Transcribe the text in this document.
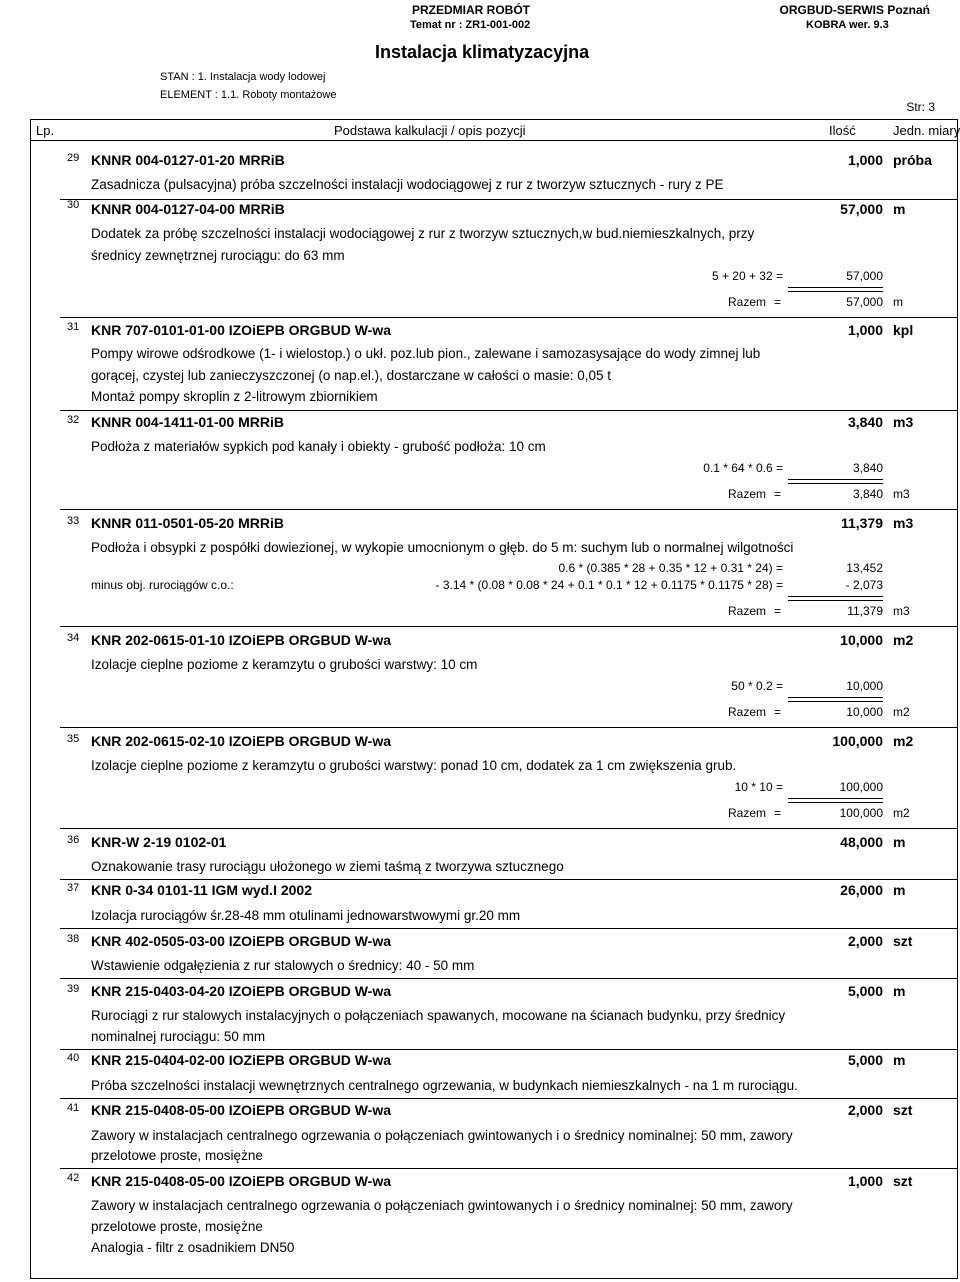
PRZEDMIAR ROBÓT
Temat nr : ZR1-001-002
ORGBUD-SERWIS Poznań
KOBRA wer. 9.3
Instalacja klimatyzacyjna
STAN : 1. Instalacja wody lodowej
ELEMENT : 1.1. Roboty montażowe
Str: 3
Lp.	Podstawa kalkulacji / opis pozycji	Ilość	Jedn. miary
29 KNNR 004-0127-01-20 MRRiB	1,000 próba
Zasadnicza (pulsacyjna) próba szczelności instalacji wodociągowej z rur z tworzyw sztucznych - rury z PE
30 KNNR 004-0127-04-00 MRRiB	57,000 m
Dodatek za próbę szczelności instalacji wodociągowej z rur z tworzyw sztucznych,w bud.niemieszkalnych, przy
średnicy zewnętrznej rurociągu: do 63 mm
5 + 20 + 32 =	57,000
Razem =	57,000 m
31 KNR 707-0101-01-00 IZOiEPB ORGBUD W-wa	1,000 kpl
Pompy wirowe odśrodkowe (1- i wielostop.) o ukł. poz.lub pion., zalewane i samozasysające do wody zimnej lub
gorącej, czystej lub zanieczyszczonej (o nap.el.), dostarczane w całości o masie: 0,05 t
Montaż pompy skroplin z 2-litrowym zbiornikiem
32 KNNR 004-1411-01-00 MRRiB	3,840 m3
Podłoża z materiałów sypkich pod kanały i obiekty - grubość podłoża: 10 cm
0.1 * 64 * 0.6 =	3,840
Razem =	3,840 m3
33 KNNR 011-0501-05-20 MRRiB	11,379 m3
Podłoża i obsypki z pospółki dowiezionej, w wykopie umocnionym o głęb. do 5 m: suchym lub o normalnej wilgotności
0.6 * (0.385 * 28 + 0.35 * 12 + 0.31 * 24) =	13,452
minus obj. rurociągów c.o.:	- 3.14 * (0.08 * 0.08 * 24 + 0.1 * 0.1 * 12 + 0.1175 * 0.1175 * 28) =	- 2,073
Razem =	11,379 m3
34 KNR 202-0615-01-10 IZOiEPB ORGBUD W-wa	10,000 m2
Izolacje cieplne poziome z keramzytu o grubości warstwy: 10 cm
50 * 0.2 =	10,000
Razem =	10,000 m2
35 KNR 202-0615-02-10 IZOiEPB ORGBUD W-wa	100,000 m2
Izolacje cieplne poziome z keramzytu o grubości warstwy: ponad 10 cm, dodatek za 1 cm zwiększenia grub.
10 * 10 =	100,000
Razem =	100,000 m2
36 KNR-W 2-19 0102-01	48,000 m
Oznakowanie trasy rurociągu ułożonego w ziemi taśmą z tworzywa sztucznego
37 KNR 0-34 0101-11 IGM wyd.I 2002	26,000 m
Izolacja rurociągów śr.28-48 mm otulinami jednowarstwowymi gr.20 mm
38 KNR 402-0505-03-00 IZOiEPB ORGBUD W-wa	2,000 szt
Wstawienie odgałęzienia z rur stalowych o średnicy: 40 - 50 mm
39 KNR 215-0403-04-20 IZOiEPB ORGBUD W-wa	5,000 m
Rurociągi z rur stalowych instalacyjnych o połączeniach spawanych, mocowane na ścianach budynku, przy średnicy
nominalnej rurociągu: 50 mm
40 KNR 215-0404-02-00 IOZiEPB ORGBUD W-wa	5,000 m
Próba szczelności instalacji wewnętrznych centralnego ogrzewania, w budynkach niemieszkalnych - na 1 m rurociągu.
41 KNR 215-0408-05-00 IZOiEPB ORGBUD W-wa	2,000 szt
Zawory w instalacjach centralnego ogrzewania o połączeniach gwintowanych i o średnicy nominalnej: 50 mm, zawory
przelotowe proste, mosiężne
42 KNR 215-0408-05-00 IZOiEPB ORGBUD W-wa	1,000 szt
Zawory w instalacjach centralnego ogrzewania o połączeniach gwintowanych i o średnicy nominalnej: 50 mm, zawory
przelotowe proste, mosiężne
Analogia - filtr z osadnikiem DN50
